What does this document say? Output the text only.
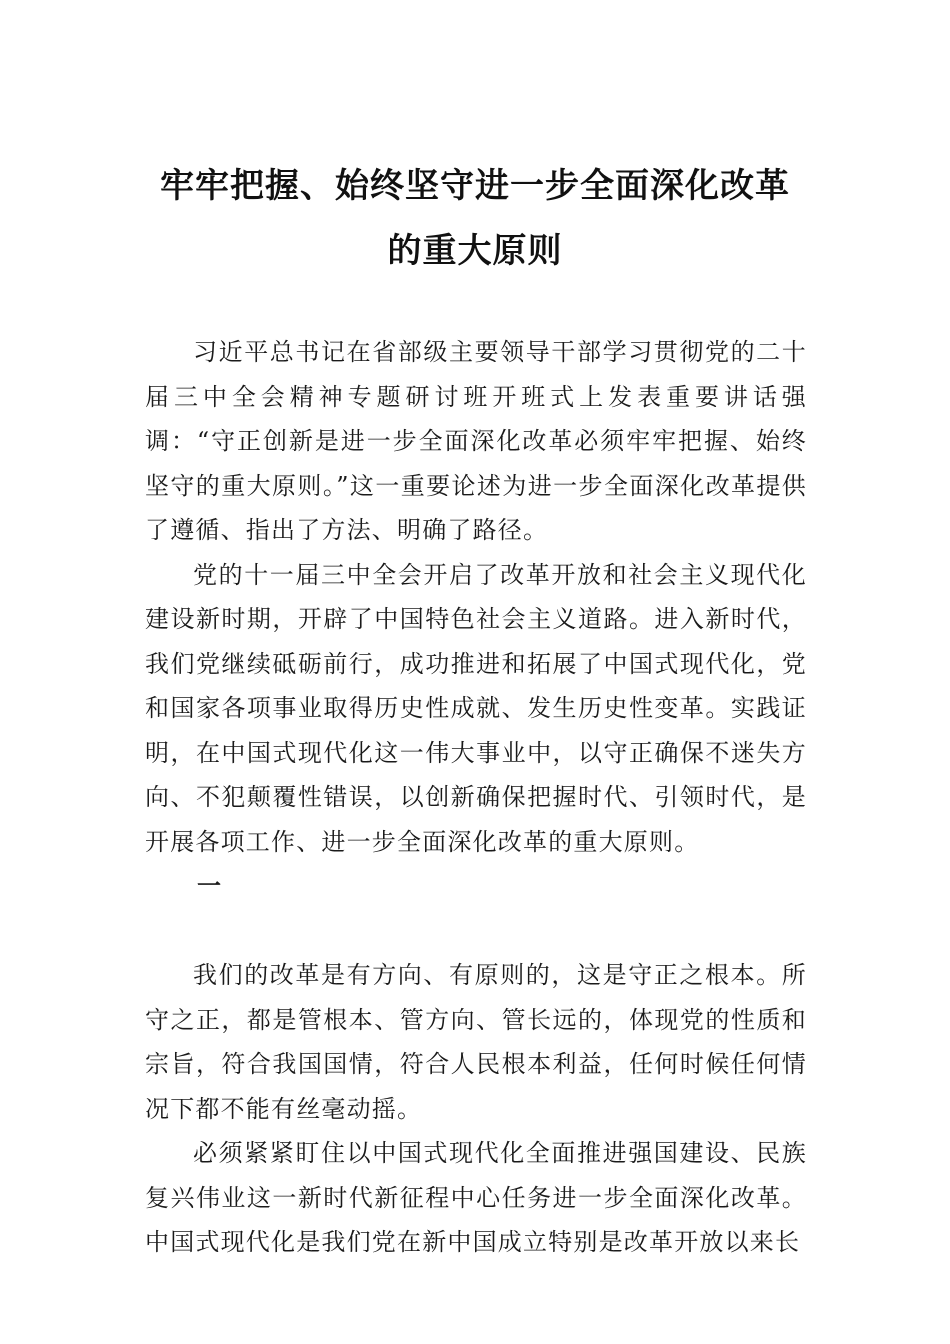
牢牢把握、始终坚守进一步全面深化改革
的重大原则

习近平总书记在省部级主要领导干部学习贯彻党的二十届三中全会精神专题研讨班开班式上发表重要讲话强调：“守正创新是进一步全面深化改革必须牢牢把握、始终坚守的重大原则。”这一重要论述为进一步全面深化改革提供了遵循、指出了方法、明确了路径。

党的十一届三中全会开启了改革开放和社会主义现代化建设新时期，开辟了中国特色社会主义道路。进入新时代，我们党继续砥砺前行，成功推进和拓展了中国式现代化，党和国家各项事业取得历史性成就、发生历史性变革。实践证明，在中国式现代化这一伟大事业中，以守正确保不迷失方向、不犯颠覆性错误，以创新确保把握时代、引领时代，是开展各项工作、进一步全面深化改革的重大原则。

一

我们的改革是有方向、有原则的，这是守正之根本。所守之正，都是管根本、管方向、管长远的，体现党的性质和宗旨，符合我国国情，符合人民根本利益，任何时候任何情况下都不能有丝毫动摇。

必须紧紧盯住以中国式现代化全面推进强国建设、民族复兴伟业这一新时代新征程中心任务进一步全面深化改革。中国式现代化是我们党在新中国成立特别是改革开放以来长
